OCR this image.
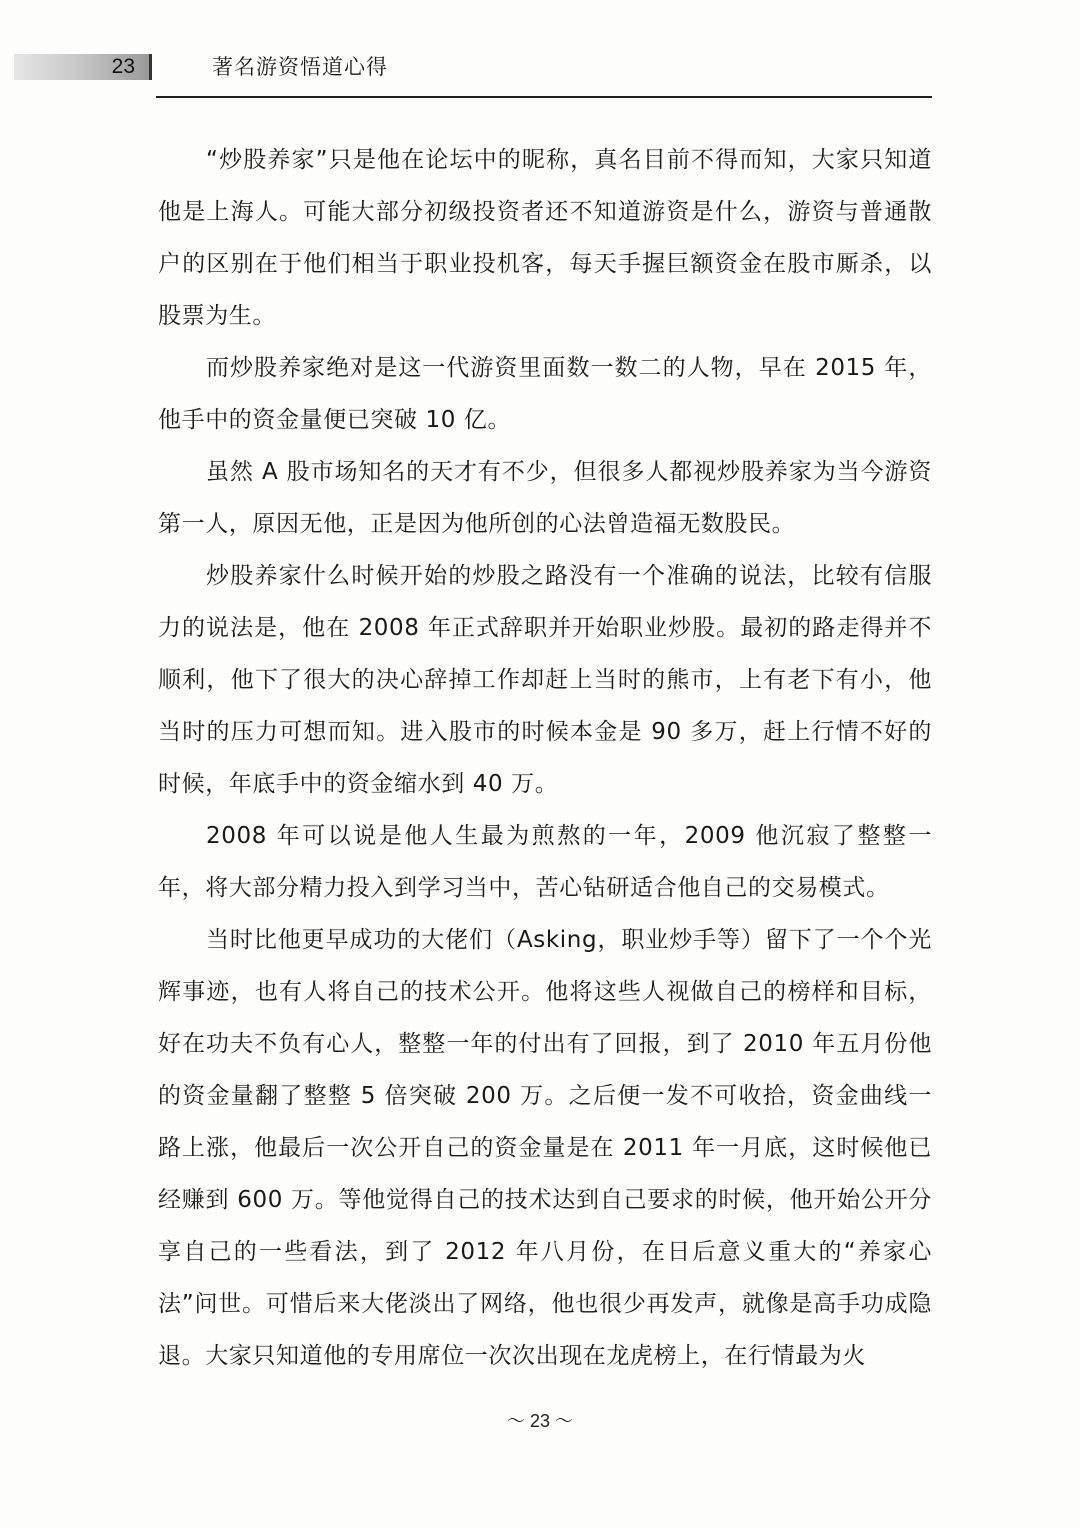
23	著名游资悟道心得

“炒股养家”只是他在论坛中的昵称，真名目前不得而知，大家只知道他是上海人。可能大部分初级投资者还不知道游资是什么，游资与普通散户的区别在于他们相当于职业投机客，每天手握巨额资金在股市厮杀，以股票为生。

而炒股养家绝对是这一代游资里面数一数二的人物，早在 2015 年，他手中的资金量便已突破 10 亿。

虽然 A 股市场知名的天才有不少，但很多人都视炒股养家为当今游资第一人，原因无他，正是因为他所创的心法曾造福无数股民。

炒股养家什么时候开始的炒股之路没有一个准确的说法，比较有信服力的说法是，他在 2008 年正式辞职并开始职业炒股。最初的路走得并不顺利，他下了很大的决心辞掉工作却赶上当时的熊市，上有老下有小，他当时的压力可想而知。进入股市的时候本金是 90 多万，赶上行情不好的时候，年底手中的资金缩水到 40 万。

2008 年可以说是他人生最为煎熬的一年，2009 他沉寂了整整一年，将大部分精力投入到学习当中，苦心钻研适合他自己的交易模式。

当时比他更早成功的大佬们（Asking，职业炒手等）留下了一个个光辉事迹，也有人将自己的技术公开。他将这些人视做自己的榜样和目标，好在功夫不负有心人，整整一年的付出有了回报，到了 2010 年五月份他的资金量翻了整整 5 倍突破 200 万。之后便一发不可收拾，资金曲线一路上涨，他最后一次公开自己的资金量是在 2011 年一月底，这时候他已经赚到 600 万。等他觉得自己的技术达到自己要求的时候，他开始公开分享自己的一些看法，到了 2012 年八月份，在日后意义重大的“养家心法”问世。可惜后来大佬淡出了网络，他也很少再发声，就像是高手功成隐退。大家只知道他的专用席位一次次出现在龙虎榜上，在行情最为火

～ 23 ～
